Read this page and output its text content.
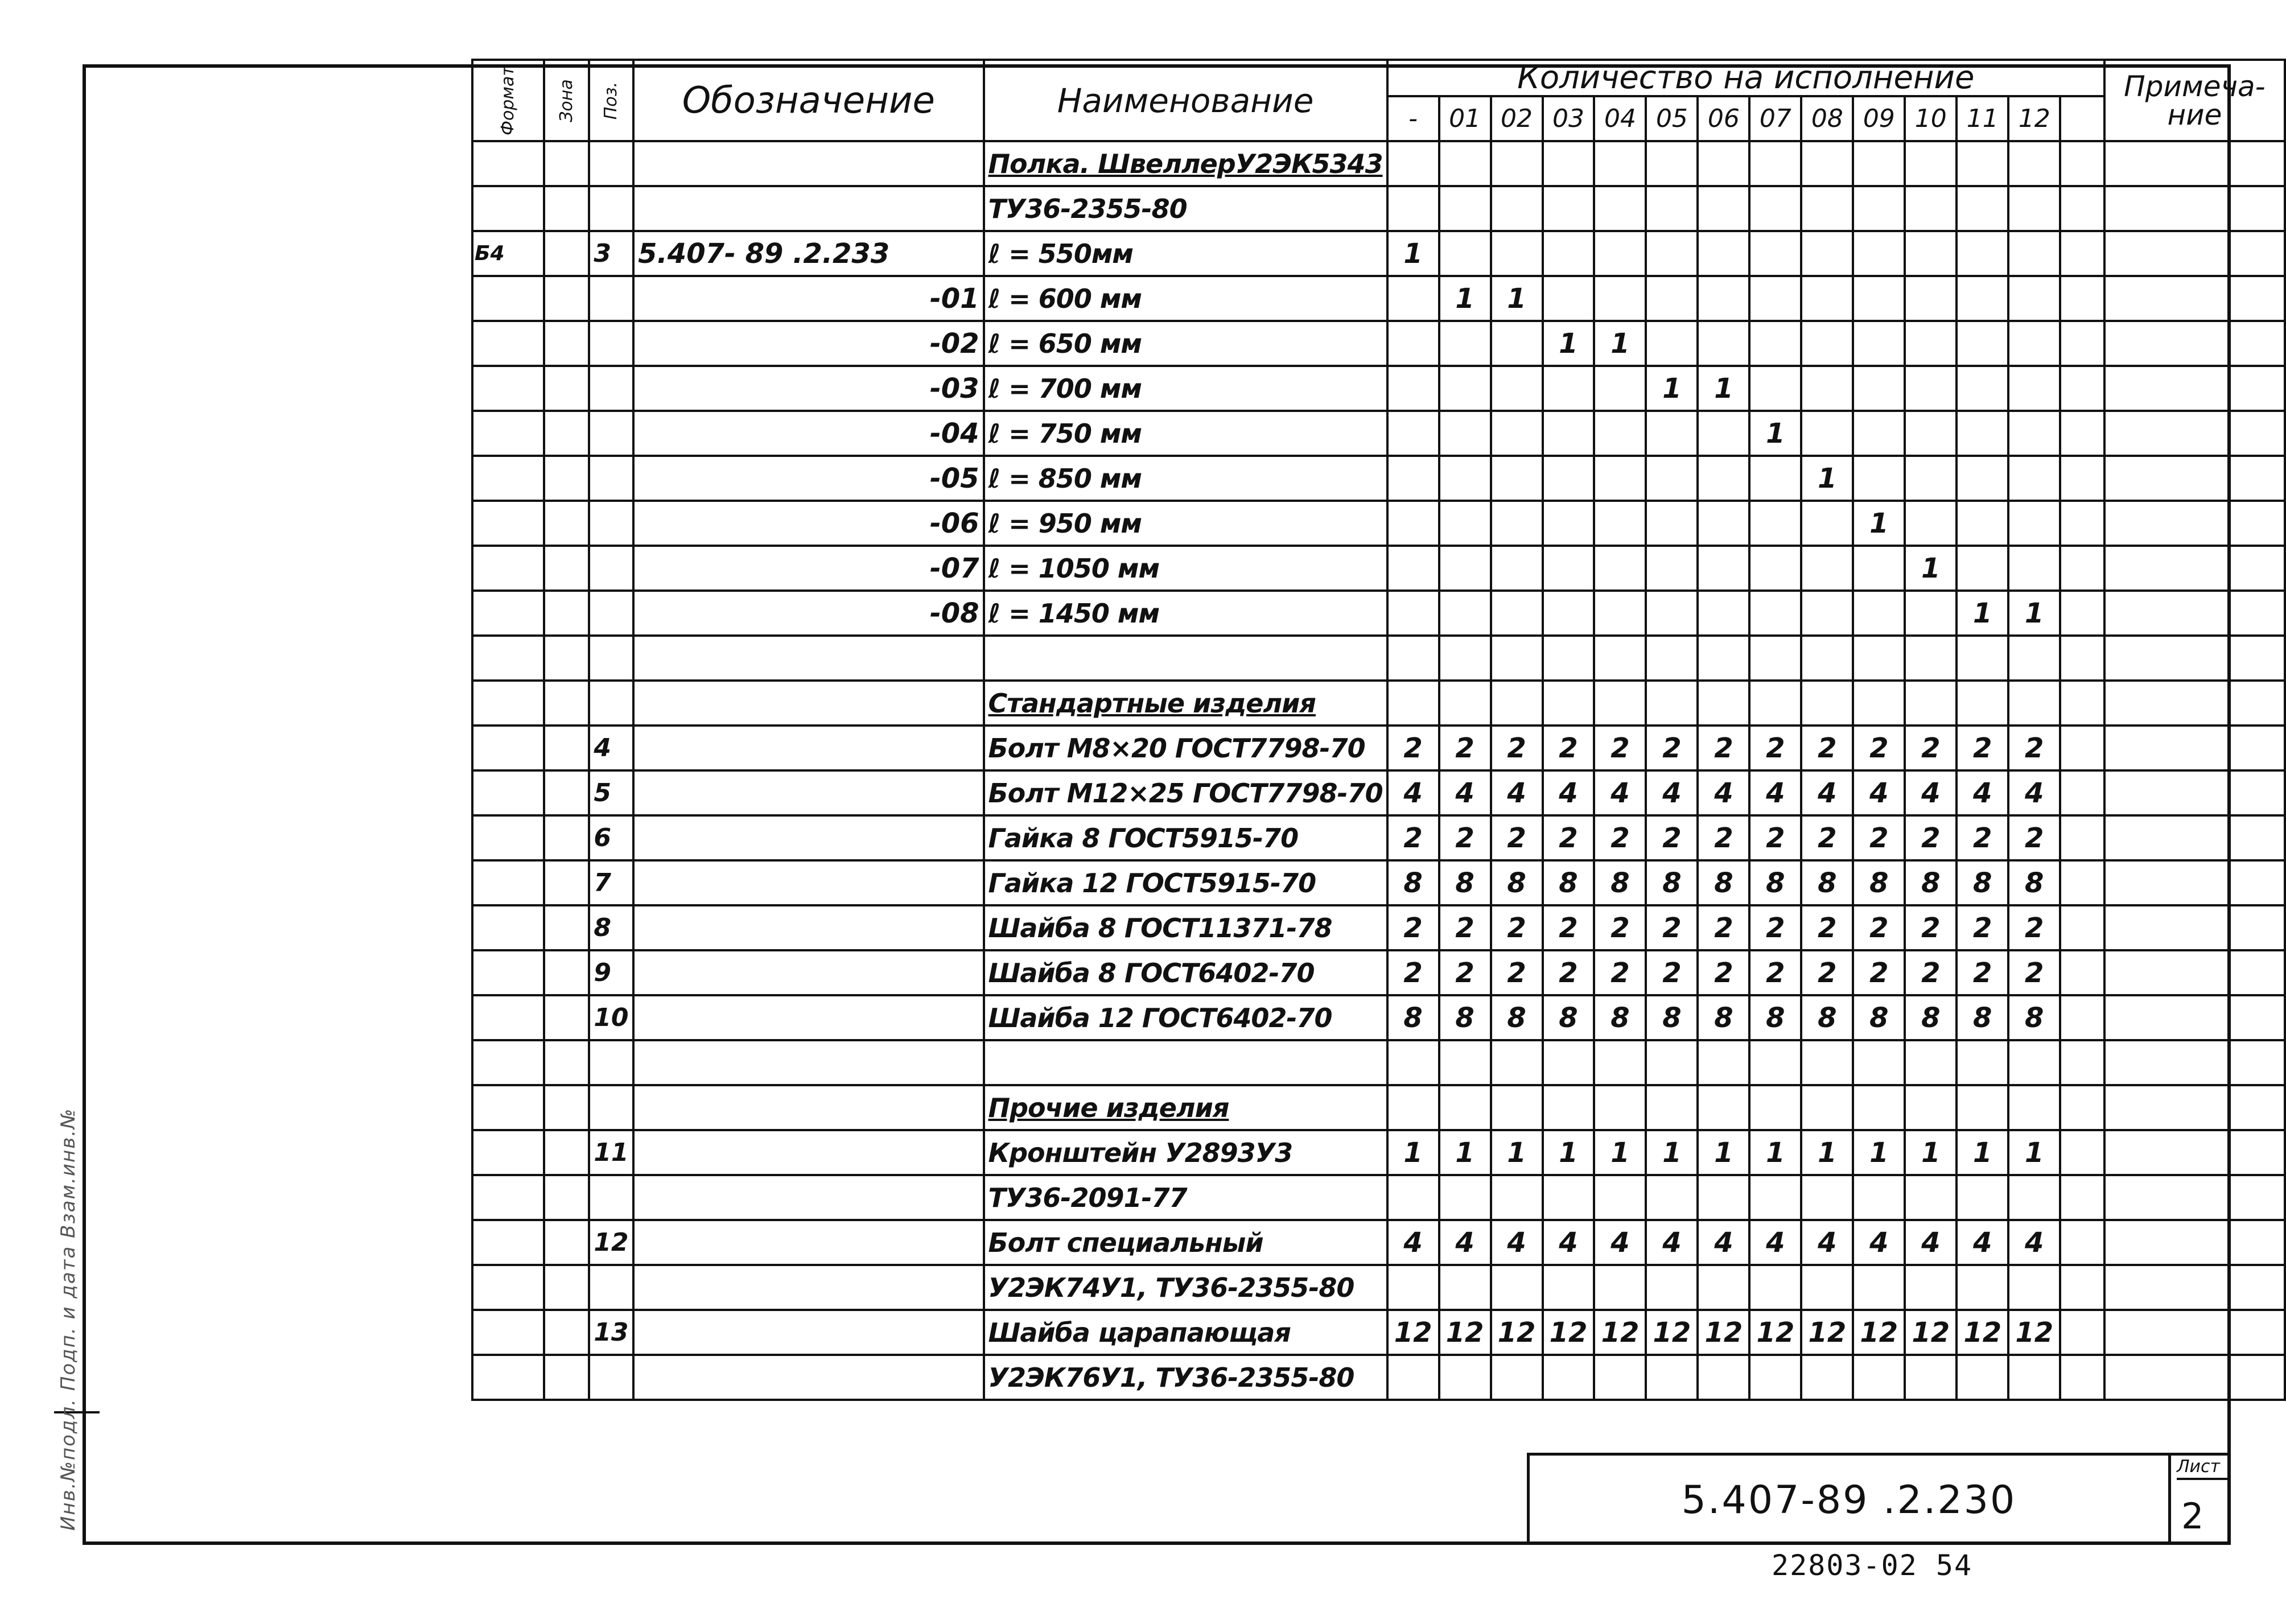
Инв.№подл. Подп. и дата Взам.инв.№
Формат	Зона	Поз.	Обозначение	Наименование	Количество на исполнение														Примеча-ние
					-	01	02	03	04	05	06	07	08	09	10	11	12		
				Полка. ШвеллерУ2ЭК5343															
				ТУ36-2355-80															
Б4		3	5.407- 89 .2.233	ℓ = 550мм	1														
			-01	ℓ = 600 мм		1	1												
			-02	ℓ = 650 мм				1	1										
			-03	ℓ = 700 мм						1	1								
			-04	ℓ = 750 мм								1							
			-05	ℓ = 850 мм									1						
			-06	ℓ = 950 мм										1					
			-07	ℓ = 1050 мм											1				
			-08	ℓ = 1450 мм												1	1		

				Стандартные изделия															
		4		Болт М8×20 ГОСТ7798-70	2	2	2	2	2	2	2	2	2	2	2	2	2		
		5		Болт М12×25 ГОСТ7798-70	4	4	4	4	4	4	4	4	4	4	4	4	4		
		6		Гайка 8 ГОСТ5915-70	2	2	2	2	2	2	2	2	2	2	2	2	2		
		7		Гайка 12 ГОСТ5915-70	8	8	8	8	8	8	8	8	8	8	8	8	8		
		8		Шайба 8 ГОСТ11371-78	2	2	2	2	2	2	2	2	2	2	2	2	2		
		9		Шайба 8 ГОСТ6402-70	2	2	2	2	2	2	2	2	2	2	2	2	2		
		10		Шайба 12 ГОСТ6402-70	8	8	8	8	8	8	8	8	8	8	8	8	8		

				Прочие изделия															
		11		Кронштейн У2893У3	1	1	1	1	1	1	1	1	1	1	1	1	1		
				ТУ36-2091-77															
		12		Болт специальный	4	4	4	4	4	4	4	4	4	4	4	4	4		
				У2ЭК74У1, ТУ36-2355-80															
		13		Шайба царапающая	12	12	12	12	12	12	12	12	12	12	12	12	12		
				У2ЭК76У1, ТУ36-2355-80															
5.407-89 .2.230
Лист
2
22803-02 54
